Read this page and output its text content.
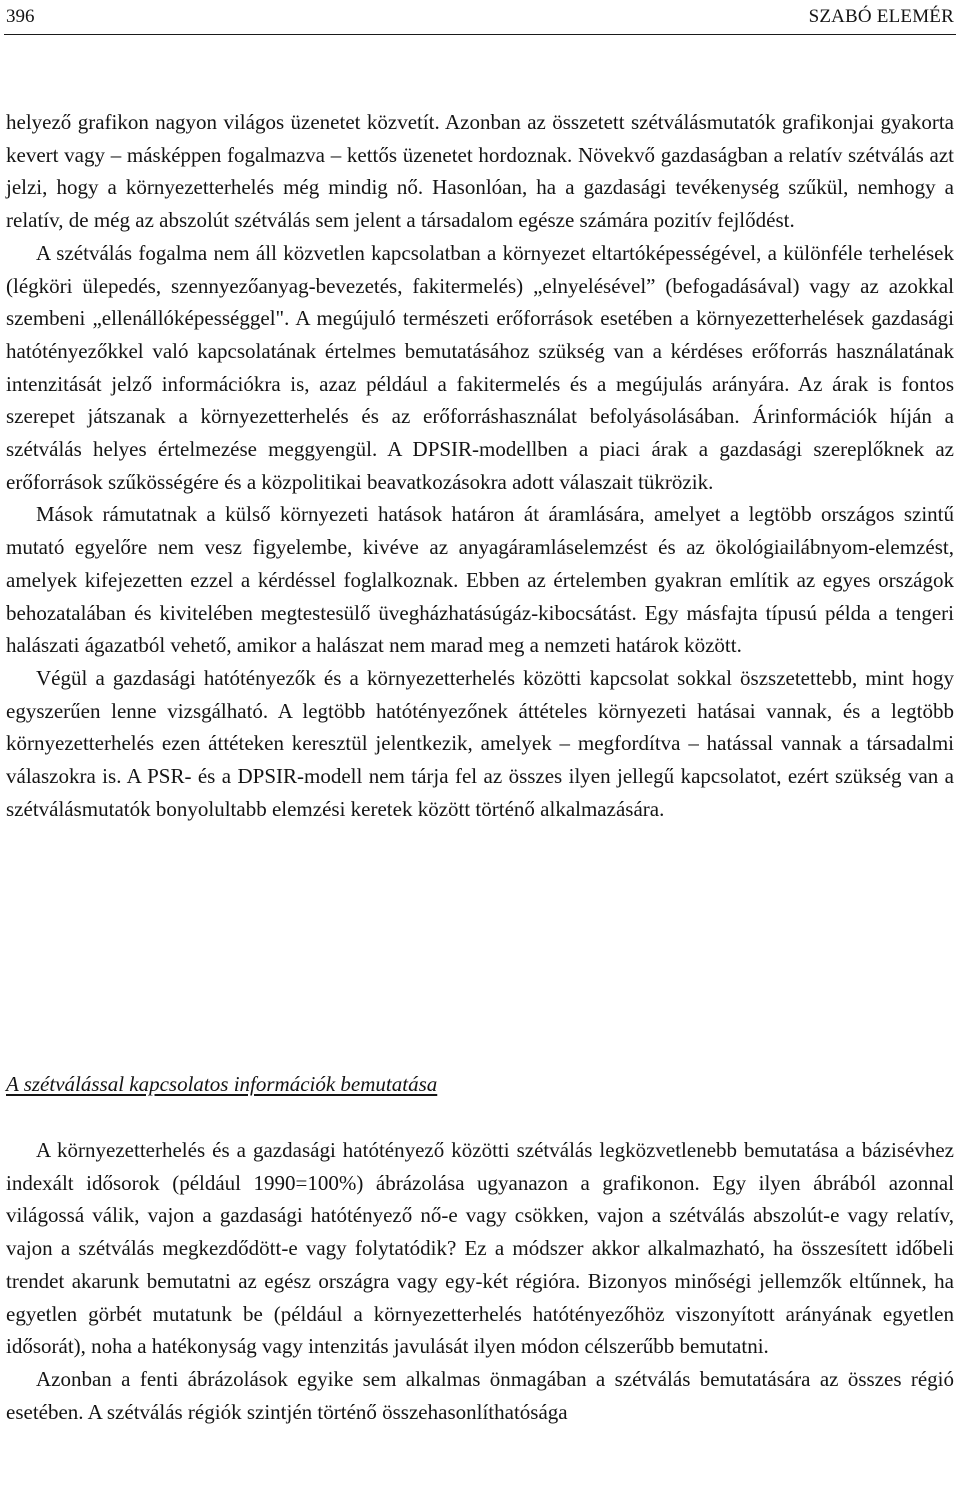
396	SZABÓ ELEMÉR

helyező grafikon nagyon világos üzenetet közvetít. Azonban az összetett szétválásmutatók grafikonjai gyakorta kevert vagy – másképpen fogalmazva – kettős üzenetet hordoznak. Növekvő gazdaságban a relatív szétválás azt jelzi, hogy a környezetterhelés még mindig nő. Hasonlóan, ha a gazdasági tevékenység szűkül, nemhogy a relatív, de még az abszolút szétválás sem jelent a társadalom egésze számára pozitív fejlődést.

A szétválás fogalma nem áll közvetlen kapcsolatban a környezet eltartóképességével, a különféle terhelések (légköri ülepedés, szennyezőanyag-bevezetés, fakitermelés) „elnyelésével” (befogadásával) vagy az azokkal szembeni „ellenállóképességgel". A megújuló természeti erőforrások esetében a környezetterhelések gazdasági hatótényezőkkel való kapcsolatának értelmes bemutatásához szükség van a kérdéses erőforrás használatának intenzitását jelző információkra is, azaz például a fakitermelés és a megújulás arányára. Az árak is fontos szerepet játszanak a környezetterhelés és az erőforráshasználat befolyásolásában. Árinformációk híján a szétválás helyes értelmezése meggyengül. A DPSIR-modellben a piaci árak a gazdasági szereplőknek az erőforrások szűkösségére és a közpolitikai beavatkozásokra adott válaszait tükrözik.

Mások rámutatnak a külső környezeti hatások határon át áramlására, amelyet a legtöbb országos szintű mutató egyelőre nem vesz figyelembe, kivéve az anyagáramláselemzést és az ökológiailábnyom-elemzést, amelyek kifejezetten ezzel a kérdéssel foglalkoznak. Ebben az értelemben gyakran említik az egyes országok behozatalában és kivitelében megtestesülő üvegházhatásúgáz-kibocsátást. Egy másfajta típusú példa a tengeri halászati ágazatból vehető, amikor a halászat nem marad meg a nemzeti határok között.

Végül a gazdasági hatótényezők és a környezetterhelés közötti kapcsolat sokkal öszszetettebb, mint hogy egyszerűen lenne vizsgálható. A legtöbb hatótényezőnek áttételes környezeti hatásai vannak, és a legtöbb környezetterhelés ezen áttéteken keresztül jelentkezik, amelyek – megfordítva – hatással vannak a társadalmi válaszokra is. A PSR- és a DPSIR-modell nem tárja fel az összes ilyen jellegű kapcsolatot, ezért szükség van a szétválásmutatók bonyolultabb elemzési keretek között történő alkalmazására.

A szétválással kapcsolatos információk bemutatása

A környezetterhelés és a gazdasági hatótényező közötti szétválás legközvetlenebb bemutatása a bázisévhez indexált idősorok (például 1990=100%) ábrázolása ugyanazon a grafikonon. Egy ilyen ábrából azonnal világossá válik, vajon a gazdasági hatótényező nő-e vagy csökken, vajon a szétválás abszolút-e vagy relatív, vajon a szétválás megkezdődött-e vagy folytatódik? Ez a módszer akkor alkalmazható, ha összesített időbeli trendet akarunk bemutatni az egész országra vagy egy-két régióra. Bizonyos minőségi jellemzők eltűnnek, ha egyetlen görbét mutatunk be (például a környezetterhelés hatótényezőhöz viszonyított arányának egyetlen idősorát), noha a hatékonyság vagy intenzitás javulását ilyen módon célszerűbb bemutatni.

Azonban a fenti ábrázolások egyike sem alkalmas önmagában a szétválás bemutatására az összes régió esetében. A szétválás régiók szintjén történő összehasonlíthatósága
